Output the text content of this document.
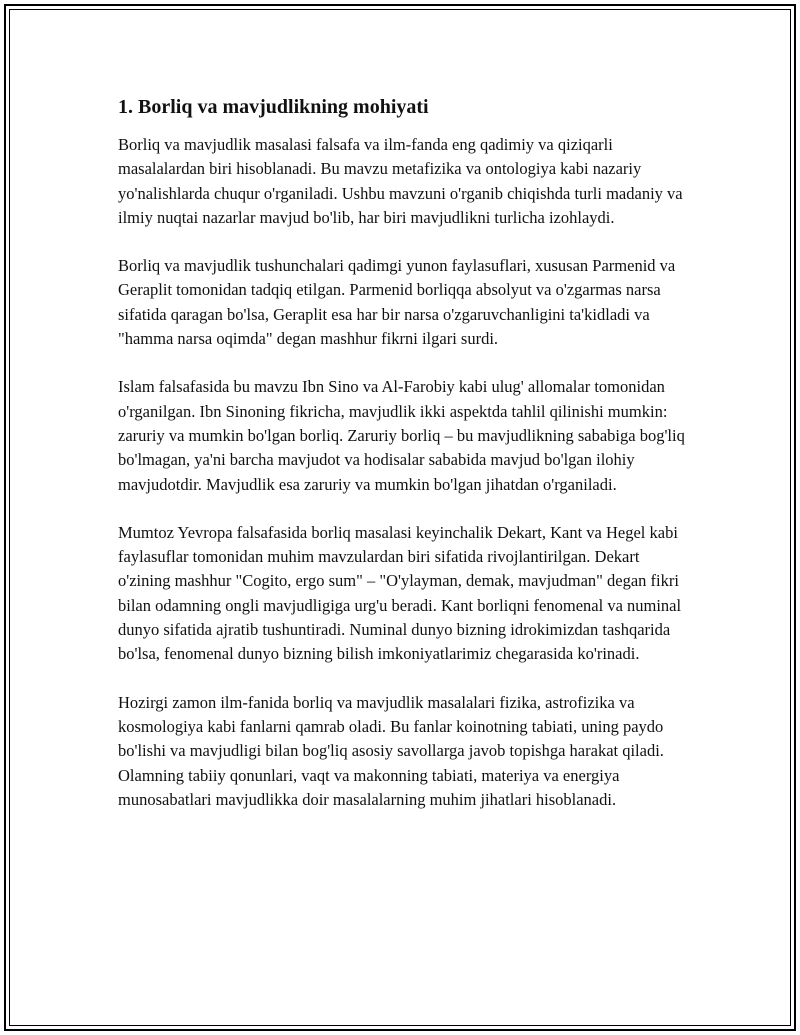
1. Borliq va mavjudlikning mohiyati

Borliq va mavjudlik masalasi falsafa va ilm-fanda eng qadimiy va qiziqarli masalalardan biri hisoblanadi. Bu mavzu metafizika va ontologiya kabi nazariy yo'nalishlarda chuqur o'rganiladi. Ushbu mavzuni o'rganib chiqishda turli madaniy va ilmiy nuqtai nazarlar mavjud bo'lib, har biri mavjudlikni turlicha izohlaydi.

Borliq va mavjudlik tushunchalari qadimgi yunon faylasuflari, xususan Parmenid va Geraplit tomonidan tadqiq etilgan. Parmenid borliqqa absolyut va o'zgarmas narsa sifatida qaragan bo'lsa, Geraplit esa har bir narsa o'zgaruvchanligini ta'kidladi va "hamma narsa oqimda" degan mashhur fikrni ilgari surdi.

Islam falsafasida bu mavzu Ibn Sino va Al-Farobiy kabi ulug' allomalar tomonidan o'rganilgan. Ibn Sinoning fikricha, mavjudlik ikki aspektda tahlil qilinishi mumkin: zaruriy va mumkin bo'lgan borliq. Zaruriy borliq – bu mavjudlikning sababiga bog'liq bo'lmagan, ya'ni barcha mavjudot va hodisalar sababida mavjud bo'lgan ilohiy mavjudotdir. Mavjudlik esa zaruriy va mumkin bo'lgan jihatdan o'rganiladi.

Mumtoz Yevropa falsafasida borliq masalasi keyinchalik Dekart, Kant va Hegel kabi faylasuflar tomonidan muhim mavzulardan biri sifatida rivojlantirilgan. Dekart o'zining mashhur "Cogito, ergo sum" – "O'ylayman, demak, mavjudman" degan fikri bilan odamning ongli mavjudligiga urg'u beradi. Kant borliqni fenomenal va numinal dunyo sifatida ajratib tushuntiradi. Numinal dunyo bizning idrokimizdan tashqarida bo'lsa, fenomenal dunyo bizning bilish imkoniyatlarimiz chegarasida ko'rinadi.

Hozirgi zamon ilm-fanida borliq va mavjudlik masalalari fizika, astrofizika va kosmologiya kabi fanlarni qamrab oladi. Bu fanlar koinotning tabiati, uning paydo bo'lishi va mavjudligi bilan bog'liq asosiy savollarga javob topishga harakat qiladi. Olamning tabiiy qonunlari, vaqt va makonning tabiati, materiya va energiya munosabatlari mavjudlikka doir masalalarning muhim jihatlari hisoblanadi.
